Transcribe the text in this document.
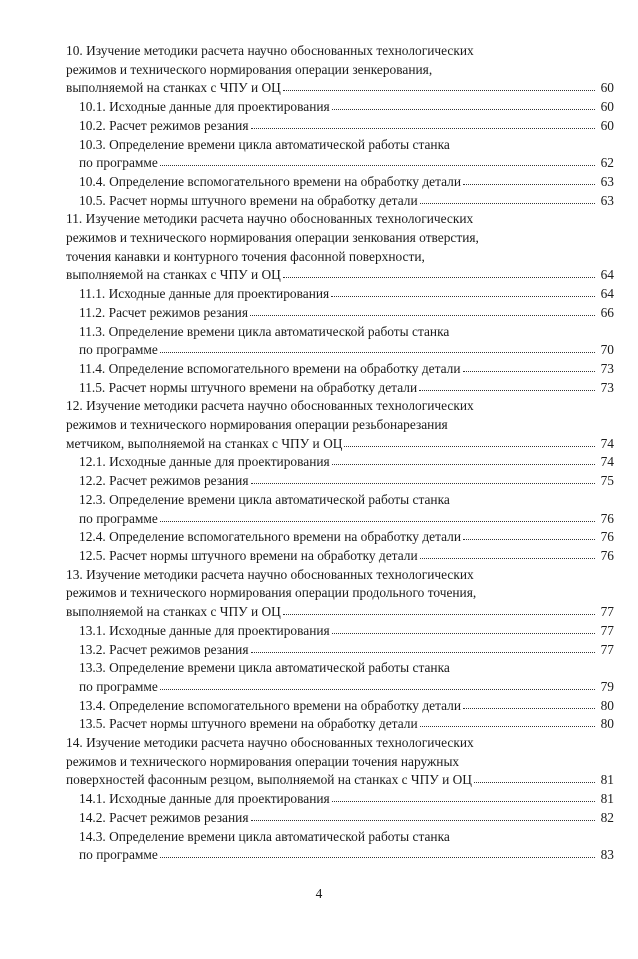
10. Изучение методики расчета научно обоснованных технологических
режимов и технического нормирования операции зенкерования,
выполняемой на станках с ЧПУ и ОЦ	60
10.1. Исходные данные для проектирования	60
10.2. Расчет режимов резания	60
10.3. Определение времени цикла автоматической работы станка
по программе	62
10.4. Определение вспомогательного времени на обработку детали	63
10.5. Расчет нормы штучного времени на обработку детали	63
11. Изучение методики расчета научно обоснованных технологических
режимов и технического нормирования операции зенкования отверстия,
точения канавки и контурного точения фасонной поверхности,
выполняемой на станках с ЧПУ и ОЦ	64
11.1. Исходные данные для проектирования	64
11.2. Расчет режимов резания	66
11.3. Определение времени цикла автоматической работы станка
по программе	70
11.4. Определение вспомогательного времени на обработку детали	73
11.5. Расчет нормы штучного времени на обработку детали	73
12. Изучение методики расчета научно обоснованных технологических
режимов и технического нормирования операции резьбонарезания
метчиком, выполняемой на станках с ЧПУ и ОЦ	74
12.1. Исходные данные для проектирования	74
12.2. Расчет режимов резания	75
12.3. Определение времени цикла автоматической работы станка
по программе	76
12.4. Определение вспомогательного времени на обработку детали	76
12.5. Расчет нормы штучного времени на обработку детали	76
13. Изучение методики расчета научно обоснованных технологических
режимов и технического нормирования операции продольного точения,
выполняемой на станках с ЧПУ и ОЦ	77
13.1. Исходные данные для проектирования	77
13.2. Расчет режимов резания	77
13.3. Определение времени цикла автоматической работы станка
по программе	79
13.4. Определение вспомогательного времени на обработку детали	80
13.5. Расчет нормы штучного времени на обработку детали	80
14. Изучение методики расчета научно обоснованных технологических
режимов и технического нормирования операции точения наружных
поверхностей фасонным резцом, выполняемой на станках с ЧПУ и ОЦ	81
14.1. Исходные данные для проектирования	81
14.2. Расчет режимов резания	82
14.3. Определение времени цикла автоматической работы станка
по программе	83
4
